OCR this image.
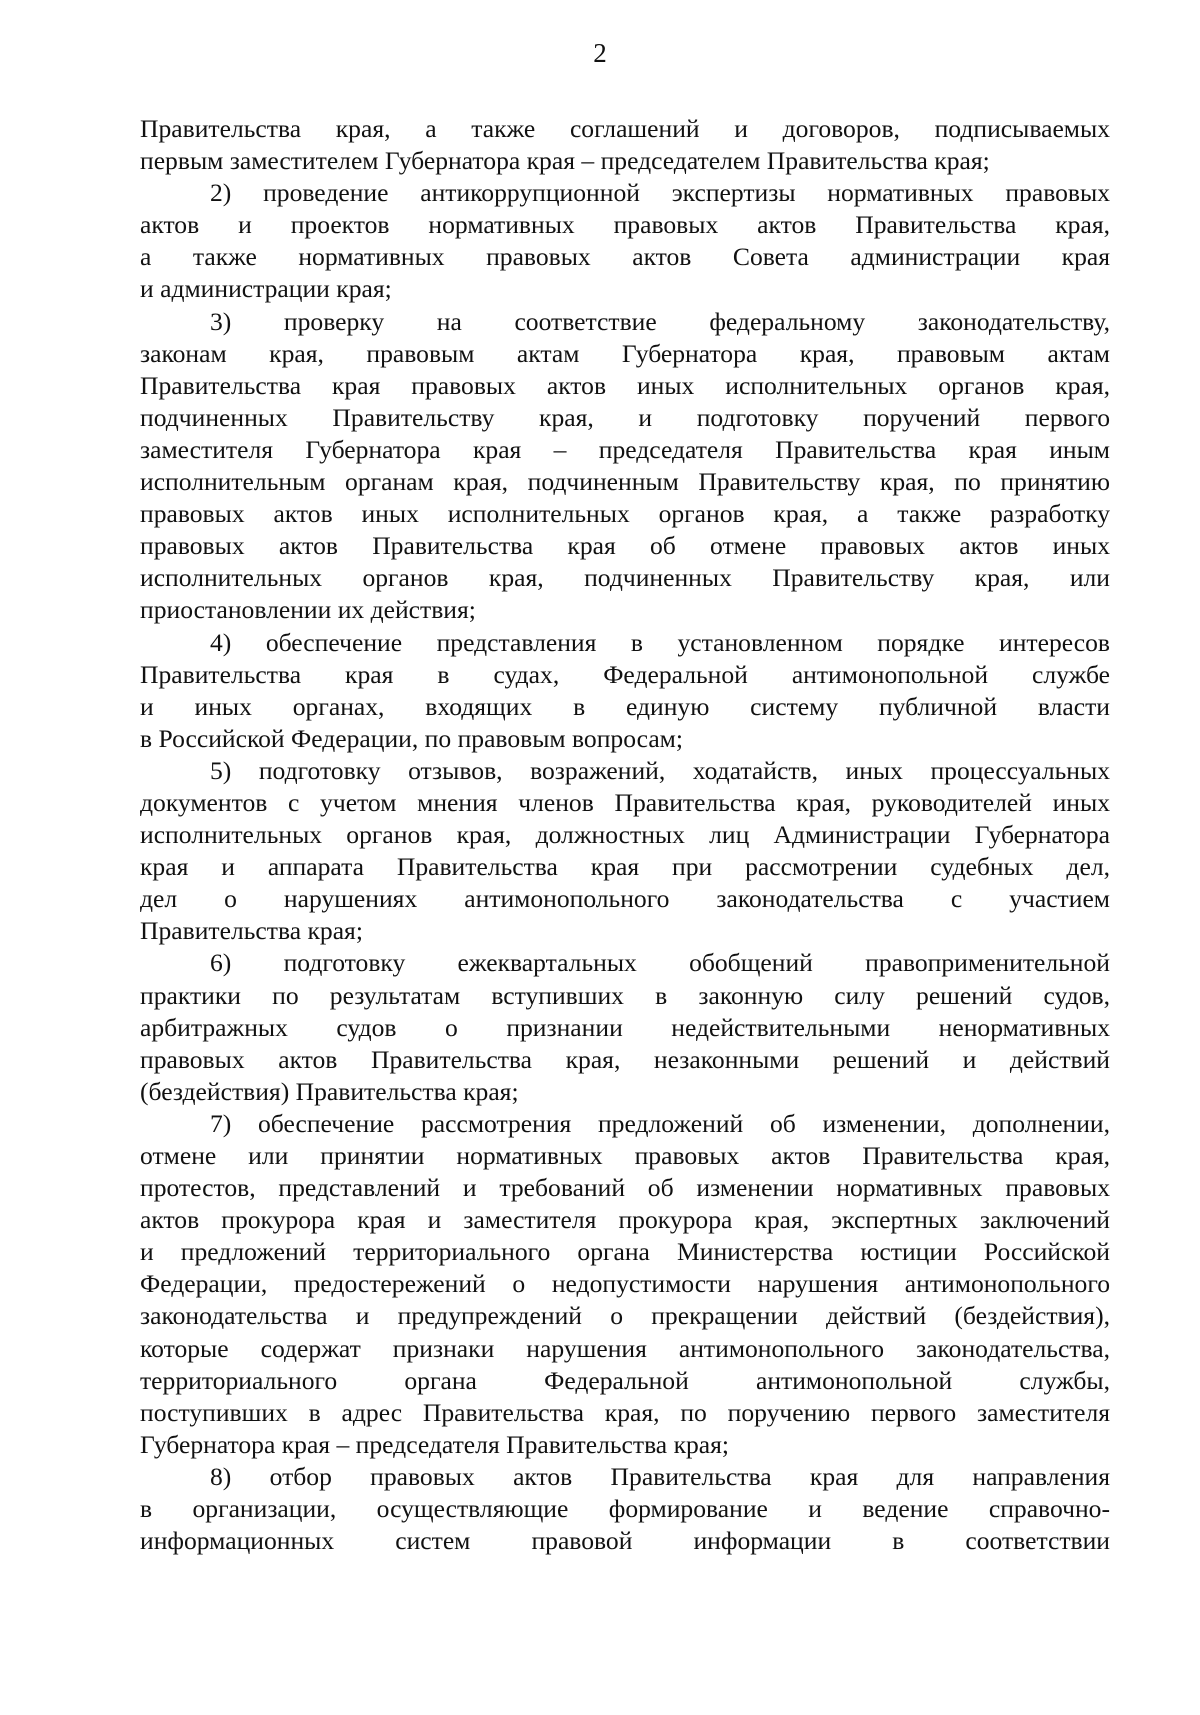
2
Правительства края, а также соглашений и договоров, подписываемых
первым заместителем Губернатора края – председателем Правительства края;
2) проведение антикоррупционной экспертизы нормативных правовых
актов и проектов нормативных правовых актов Правительства края,
а также нормативных правовых актов Совета администрации края
и администрации края;
3) проверку на соответствие федеральному законодательству,
законам края, правовым актам Губернатора края, правовым актам
Правительства края правовых актов иных исполнительных органов края,
подчиненных Правительству края, и подготовку поручений первого
заместителя Губернатора края – председателя Правительства края иным
исполнительным органам края, подчиненным Правительству края, по принятию
правовых актов иных исполнительных органов края, а также разработку
правовых актов Правительства края об отмене правовых актов иных
исполнительных органов края, подчиненных Правительству края, или
приостановлении их действия;
4) обеспечение представления в установленном порядке интересов
Правительства края в судах, Федеральной антимонопольной службе
и иных органах, входящих в единую систему публичной власти
в Российской Федерации, по правовым вопросам;
5) подготовку отзывов, возражений, ходатайств, иных процессуальных
документов с учетом мнения членов Правительства края, руководителей иных
исполнительных органов края, должностных лиц Администрации Губернатора
края и аппарата Правительства края при рассмотрении судебных дел,
дел о нарушениях антимонопольного законодательства с участием
Правительства края;
6) подготовку ежеквартальных обобщений правоприменительной
практики по результатам вступивших в законную силу решений судов,
арбитражных судов о признании недействительными ненормативных
правовых актов Правительства края, незаконными решений и действий
(бездействия) Правительства края;
7) обеспечение рассмотрения предложений об изменении, дополнении,
отмене или принятии нормативных правовых актов Правительства края,
протестов, представлений и требований об изменении нормативных правовых
актов прокурора края и заместителя прокурора края, экспертных заключений
и предложений территориального органа Министерства юстиции Российской
Федерации, предостережений о недопустимости нарушения антимонопольного
законодательства и предупреждений о прекращении действий (бездействия),
которые содержат признаки нарушения антимонопольного законодательства,
территориального органа Федеральной антимонопольной службы,
поступивших в адрес Правительства края, по поручению первого заместителя
Губернатора края – председателя Правительства края;
8) отбор правовых актов Правительства края для направления
в организации, осуществляющие формирование и ведение справочно-
информационных систем правовой информации в соответствии
